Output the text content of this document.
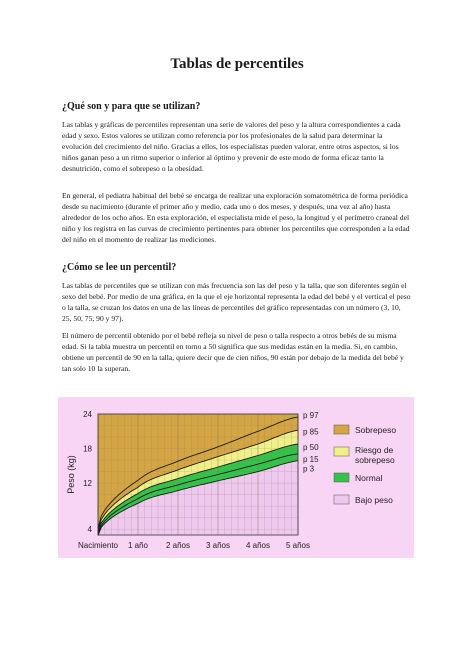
Tablas de percentiles
¿Qué son y para que se utilizan?
Las tablas y gráficas de percentiles representan una serie de valores del peso y la altura correspondientes a cada edad y sexo. Estos valores se utilizan como referencia por los profesionales de la salud para determinar la evolución del crecimiento del niño. Gracias a ellos, los especialistas pueden valorar, entre otros aspectos, si los niños ganan peso a un ritmo superior o inferior al óptimo y prevenir de este modo de forma eficaz tanto la desnutrición, como el sobrepeso o la obesidad.
En general, el pediatra habitual del bebé se encarga de realizar una exploración somatométrica de forma periódica desde su nacimiento (durante el primer año y medio, cada uno o dos meses, y después, una vez al año) hasta alrededor de los ocho años. En esta exploración, el especialista mide el peso, la longitud y el perímetro craneal del niño y los registra en las curvas de crecimiento pertinentes para obtener los percentiles que corresponden a la edad del niño en el momento de realizar las mediciones.
¿Cómo se lee un percentil?
Las tablas de percentiles que se utilizan con más frecuencia son las del peso y la talla, que son diferentes según el sexo del bebé. Por medio de una gráfica, en la que el eje horizontal representa la edad del bebé y el vertical el peso o la talla, se cruzan los datos en una de las líneas de percentiles del gráfico representadas con un número (3, 10, 25, 50, 75, 90 y 97).
El número de percentil obtenido por el bebé refleja su nivel de peso o talla respecto a otros bebés de su misma edad. Si la tabla muestra un percentil en torno a 50 significa que sus medidas están en la media. Si, en cambio, obtiene un percentil de 90 en la talla, quiere decir que de cien niños, 90 están por debajo de la medida del bebé y tan solo 10 la superan.
4
12
18
24
Peso (kg)
Nacimiento 1 año 2 años 3 años 4 años 5 años
p 97
p 85
p 50
p 15
p 3
Sobrepeso
Riesgo de
sobrepeso
Normal
Bajo peso
